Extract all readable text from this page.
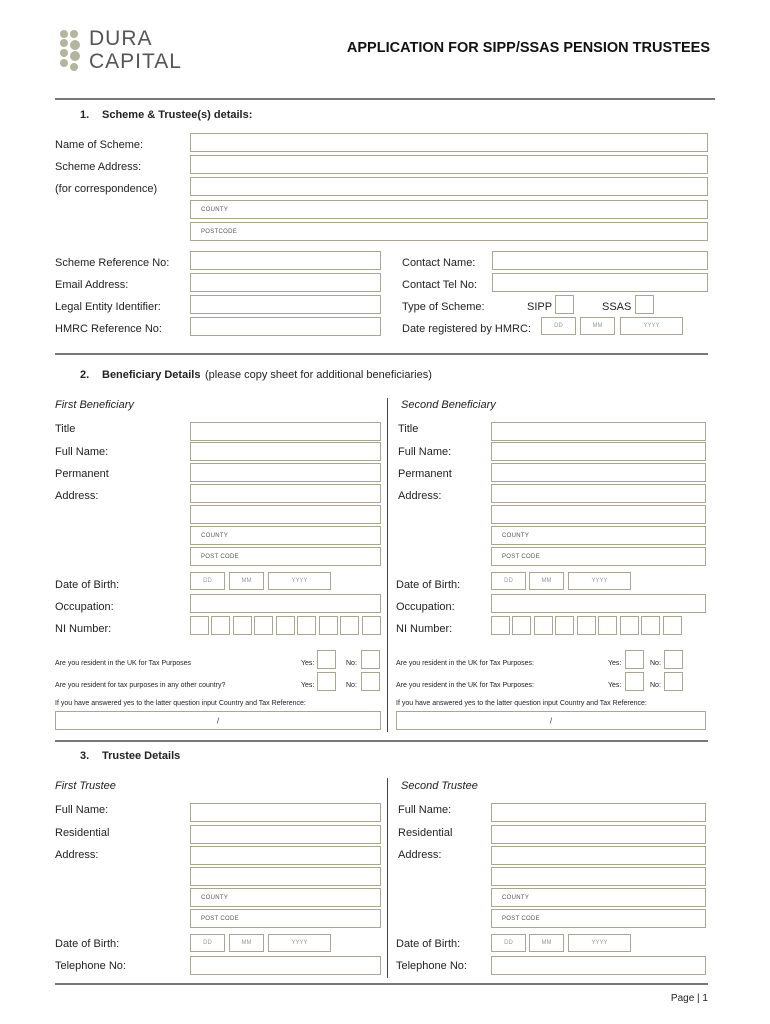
DURA
CAPITAL
APPLICATION FOR SIPP/SSAS PENSION TRUSTEES
1. Scheme & Trustee(s) details:
Name of Scheme:
Scheme Address:
(for correspondence)
COUNTY
POSTCODE
Scheme Reference No:
Email Address:
Legal Entity Identifier:
HMRC Reference No:
Contact Name:
Contact Tel No:
Type of Scheme:	SIPP	SSAS
Date registered by HMRC:	DD	MM	YYYY
2. Beneficiary Details (please copy sheet for additional beneficiaries)
First Beneficiary	Second Beneficiary
Title
Full Name:
Permanent
Address:
COUNTY
POST CODE
Date of Birth:	DD	MM	YYYY
Occupation:
NI Number:
Are you resident in the UK for Tax Purposes	Yes:	No:
Are you resident for tax purposes in any other country?	Yes:	No:
If you have answered yes to the latter question input Country and Tax Reference:
/
Title
Full Name:
Permanent
Address:
COUNTY
POST CODE
Date of Birth:	DD	MM	YYYY
Occupation:
NI Number:
Are you resident in the UK for Tax Purposes:	Yes:	No:
Are you resident in the UK for Tax Purposes:	Yes:	No:
If you have answered yes to the latter question input Country and Tax Reference:
/
3. Trustee Details
First Trustee	Second Trustee
Full Name:
Residential
Address:
COUNTY
POST CODE
Date of Birth:	DD	MM	YYYY
Telephone No:
Full Name:
Residential
Address:
COUNTY
POST CODE
Date of Birth:	DD	MM	YYYY
Telephone No:
Page | 1
